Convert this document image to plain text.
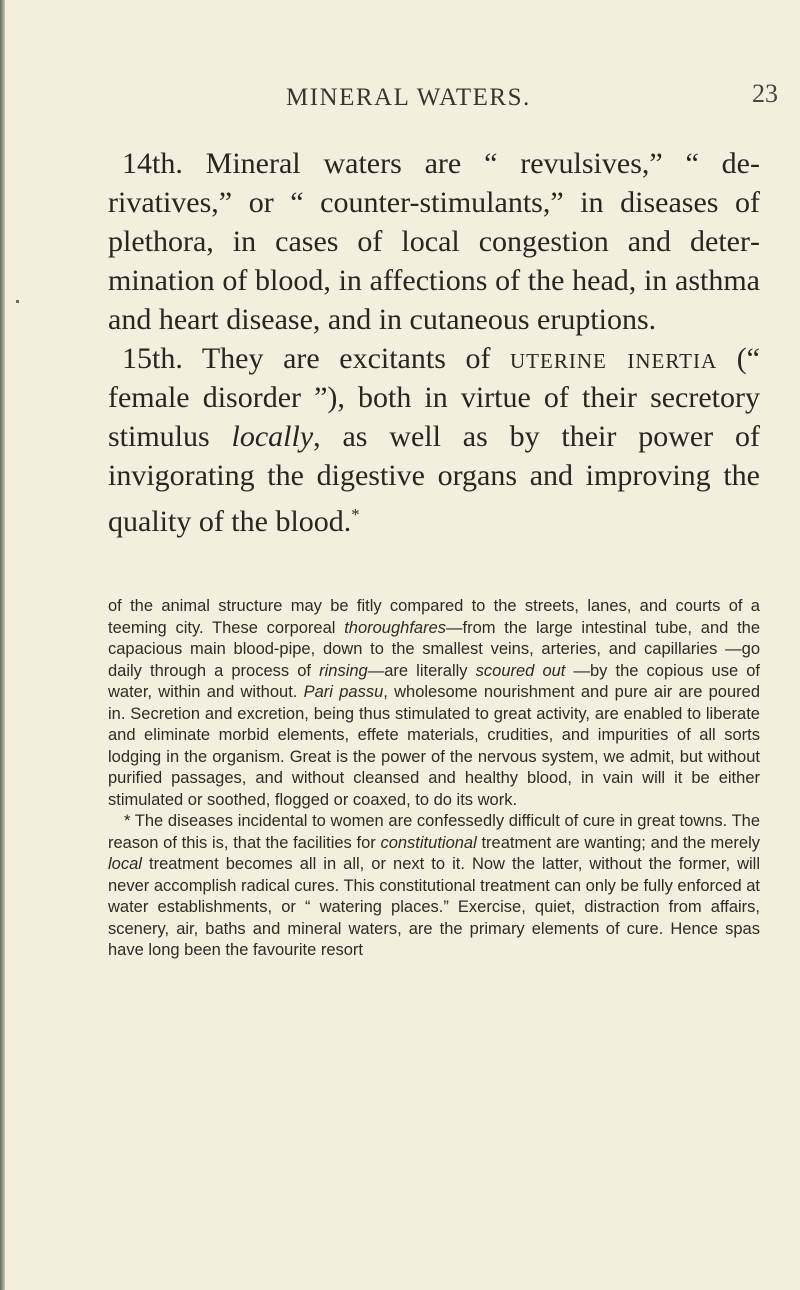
MINERAL WATERS.	23

14th. Mineral waters are “ revulsives,” “ derivatives,” or “ counter-stimulants,” in diseases of plethora, in cases of local congestion and determination of blood, in affections of the head, in asthma and heart disease, and in cutaneous eruptions.

15th. They are excitants of uterine inertia (“ female disorder ”), both in virtue of their secretory stimulus locally, as well as by their power of invigorating the digestive organs and improving the quality of the blood.*

of the animal structure may be fitly compared to the streets, lanes, and courts of a teeming city. These corporeal thoroughfares—from the large intestinal tube, and the capacious main blood-pipe, down to the smallest veins, arteries, and capillaries —go daily through a process of rinsing—are literally scoured out —by the copious use of water, within and without. Pari passu, wholesome nourishment and pure air are poured in. Secretion and excretion, being thus stimulated to great activity, are enabled to liberate and eliminate morbid elements, effete materials, crudities, and impurities of all sorts lodging in the organism. Great is the power of the nervous system, we admit, but without purified passages, and without cleansed and healthy blood, in vain will it be either stimulated or soothed, flogged or coaxed, to do its work.

* The diseases incidental to women are confessedly difficult of cure in great towns. The reason of this is, that the facilities for constitutional treatment are wanting; and the merely local treatment becomes all in all, or next to it. Now the latter, without the former, will never accomplish radical cures. This constitutional treatment can only be fully enforced at water establishments, or “ watering places.” Exercise, quiet, distraction from affairs, scenery, air, baths and mineral waters, are the primary elements of cure. Hence spas have long been the favourite resort
